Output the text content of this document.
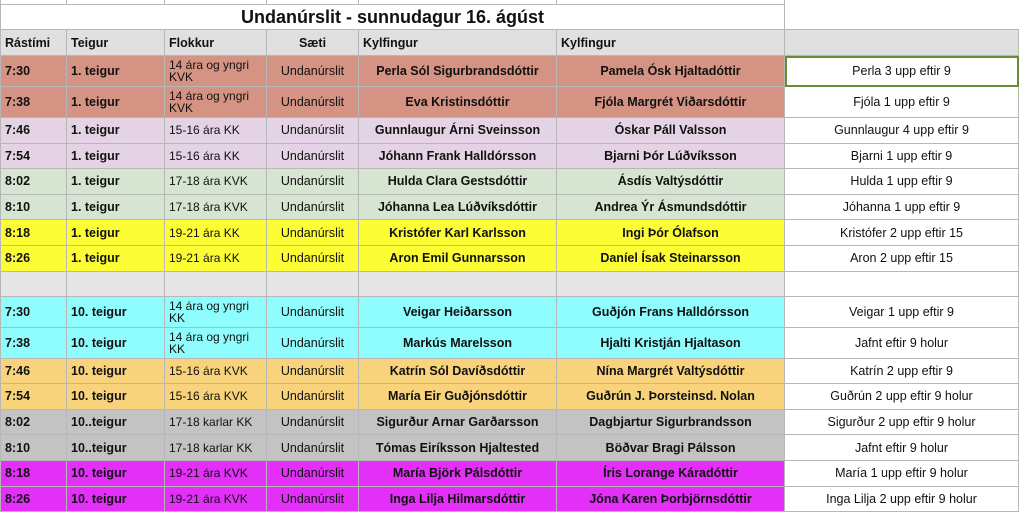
Undanúrslit - sunnudagur 16. ágúst						
Rástími	Teigur	Flokkur	Sæti	Kylfingur	Kylfingur	
7:30	1. teigur	14 ára og yngri KVK	Undanúrslit	Perla Sól Sigurbrandsdóttir	Pamela Ósk Hjaltadóttir	Perla 3 upp eftir 9
7:38	1. teigur	14 ára og yngri KVK	Undanúrslit	Eva Kristinsdóttir	Fjóla Margrét Viðarsdóttir	Fjóla 1 upp eftir 9
7:46	1. teigur	15-16 ára KK	Undanúrslit	Gunnlaugur Árni Sveinsson	Óskar Páll Valsson	Gunnlaugur 4 upp eftir 9
7:54	1. teigur	15-16 ára KK	Undanúrslit	Jóhann Frank Halldórsson	Bjarni Þór Lúðvíksson	Bjarni 1 upp eftir 9
8:02	1. teigur	17-18 ára KVK	Undanúrslit	Hulda Clara Gestsdóttir	Ásdís Valtýsdóttir	Hulda 1 upp eftir 9
8:10	1. teigur	17-18 ára KVK	Undanúrslit	Jóhanna Lea Lúðvíksdóttir	Andrea Ýr Ásmundsdóttir	Jóhanna 1 upp eftir 9
8:18	1. teigur	19-21 ára KK	Undanúrslit	Kristófer Karl Karlsson	Ingi Þór Ólafson	Kristófer 2 upp eftir 15
8:26	1. teigur	19-21 ára KK	Undanúrslit	Aron Emil Gunnarsson	Daníel Ísak Steinarsson	Aron 2 upp eftir 15

7:30	10. teigur	14 ára og yngri KK	Undanúrslit	Veigar Heiðarsson	Guðjón Frans Halldórsson	Veigar 1 upp eftir 9
7:38	10. teigur	14 ára og yngri KK	Undanúrslit	Markús Marelsson	Hjalti Kristján Hjaltason	Jafnt eftir 9 holur
7:46	10. teigur	15-16 ára KVK	Undanúrslit	Katrín Sól Davíðsdóttir	Nína Margrét Valtýsdóttir	Katrín 2 upp eftir 9
7:54	10. teigur	15-16 ára KVK	Undanúrslit	María Eir Guðjónsdóttir	Guðrún J. Þorsteinsd. Nolan	Guðrún 2 upp eftir 9 holur
8:02	10..teigur	17-18 karlar KK	Undanúrslit	Sigurður Arnar Garðarsson	Dagbjartur Sigurbrandsson	Sigurður 2 upp eftir 9 holur
8:10	10..teigur	17-18 karlar KK	Undanúrslit	Tómas Eiríksson Hjaltested	Böðvar Bragi Pálsson	Jafnt eftir 9 holur
8:18	10. teigur	19-21 ára KVK	Undanúrslit	María Björk Pálsdóttir	Íris Lorange Káradóttir	María 1 upp eftir 9 holur
8:26	10. teigur	19-21 ára KVK	Undanúrslit	Inga Lilja Hilmarsdóttir	Jóna Karen Þorbjörnsdóttir	Inga Lilja 2 upp eftir 9 holur
